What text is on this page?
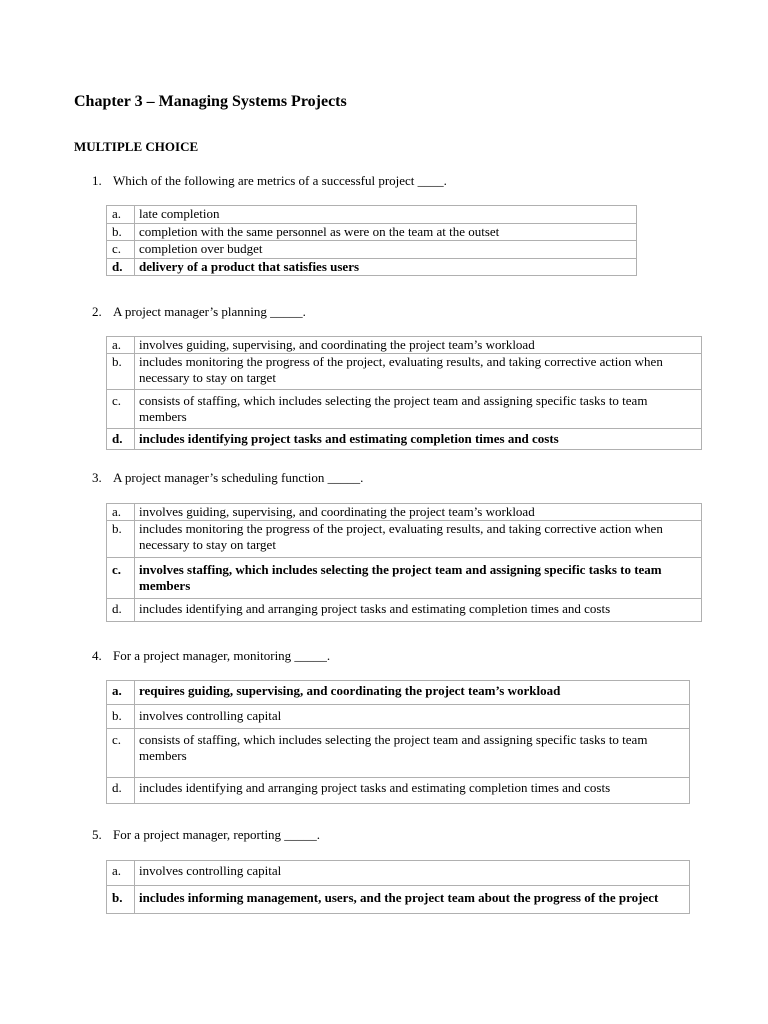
Chapter 3 – Managing Systems Projects
MULTIPLE CHOICE

1. Which of the following are metrics of a successful project ____.

a.	late completion
b.	completion with the same personnel as were on the team at the outset
c.	completion over budget
d.	delivery of a product that satisfies users

2. A project manager’s planning _____.

a.	involves guiding, supervising, and coordinating the project team’s workload
b.	includes monitoring the progress of the project, evaluating results, and taking corrective action when necessary to stay on target
c.	consists of staffing, which includes selecting the project team and assigning specific tasks to team members
d.	includes identifying project tasks and estimating completion times and costs

3. A project manager’s scheduling function _____.

a.	involves guiding, supervising, and coordinating the project team’s workload
b.	includes monitoring the progress of the project, evaluating results, and taking corrective action when necessary to stay on target
c.	involves staffing, which includes selecting the project team and assigning specific tasks to team members
d.	includes identifying and arranging project tasks and estimating completion times and costs

4. For a project manager, monitoring _____.

a.	requires guiding, supervising, and coordinating the project team’s workload
b.	involves controlling capital
c.	consists of staffing, which includes selecting the project team and assigning specific tasks to team members
d.	includes identifying and arranging project tasks and estimating completion times and costs

5. For a project manager, reporting _____.

a.	involves controlling capital
b.	includes informing management, users, and the project team about the progress of the project
